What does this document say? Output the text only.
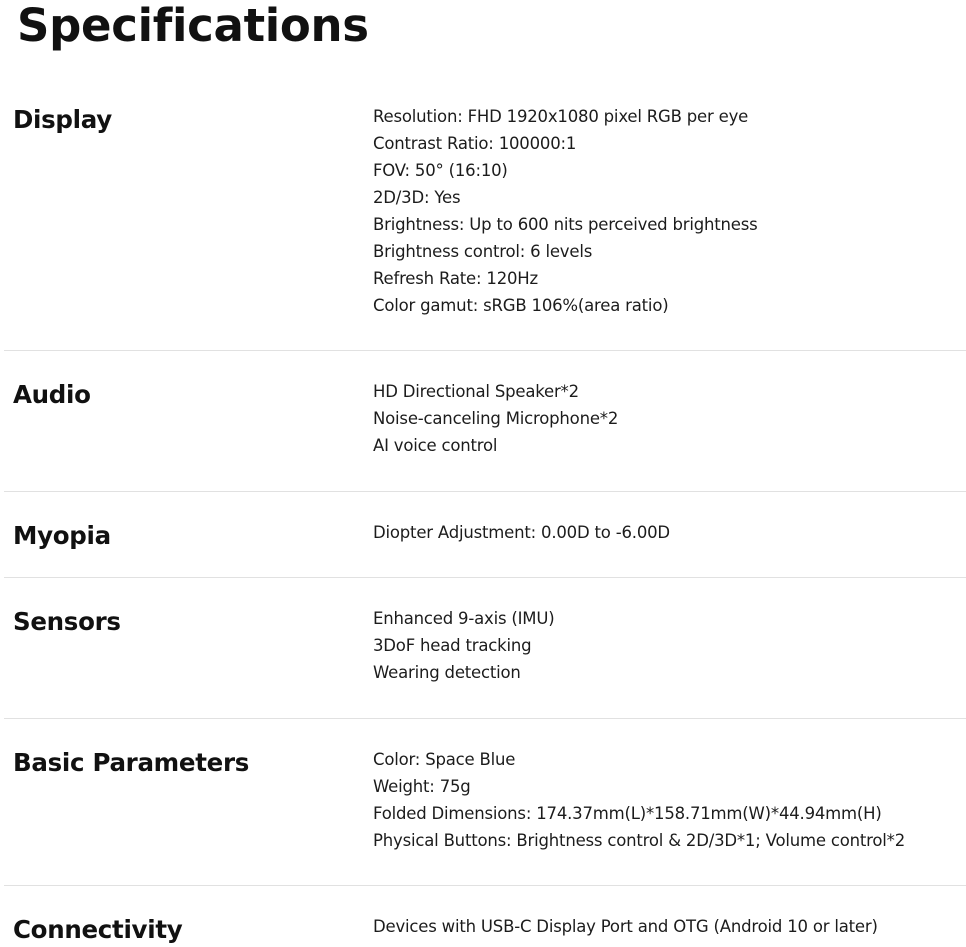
Specifications
Display	Resolution: FHD 1920x1080 pixel RGB per eye
Contrast Ratio: 100000:1
FOV: 50° (16:10)
2D/3D: Yes
Brightness: Up to 600 nits perceived brightness
Brightness control: 6 levels
Refresh Rate: 120Hz
Color gamut: sRGB 106%(area ratio)
Audio	HD Directional Speaker*2
Noise-canceling Microphone*2
AI voice control
Myopia	Diopter Adjustment: 0.00D to -6.00D
Sensors	Enhanced 9-axis (IMU)
3DoF head tracking
Wearing detection
Basic Parameters	Color: Space Blue
Weight: 75g
Folded Dimensions: 174.37mm(L)*158.71mm(W)*44.94mm(H)
Physical Buttons: Brightness control & 2D/3D*1; Volume control*2
Connectivity	Devices with USB-C Display Port and OTG (Android 10 or later)
